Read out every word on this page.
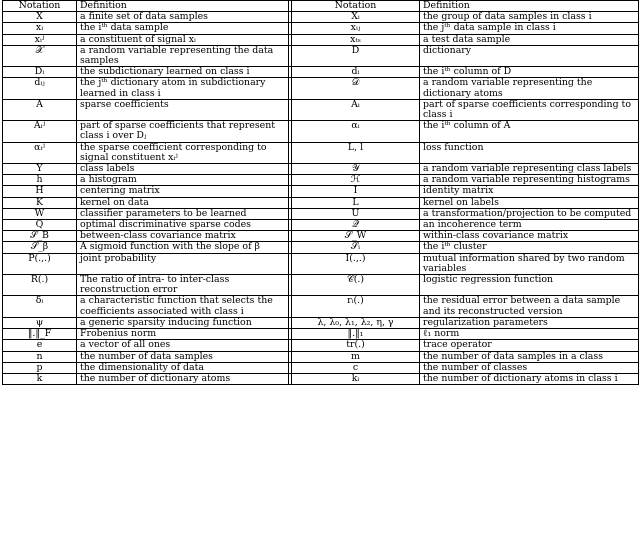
Notation	Definition		Notation	Definition
X	a finite set of data samples		Xᵢ	the group of data samples in class i
xᵢ	the iᵗʰ data sample		xᵢⱼ	the jᵗʰ data sample in class i
xᵢʲ	a constituent of signal xᵢ		xₜₛ	a test data sample
𝒳	a random variable representing the data samples		D	dictionary
Dᵢ	the subdictionary learned on class i		dᵢ	the iᵗʰ column of D
dᵢⱼ	the jᵗʰ dictionary atom in subdictionary learned in class i		𝒟	a random variable representing the dictionary atoms
A	sparse coefficients		Aᵢ	part of sparse coefficients corresponding to class i
Aᵢʲ	part of sparse coefficients that represent class i over Dⱼ		αᵢ	the iᵗʰ column of A
αᵢʲ	the sparse coefficient corresponding to signal constituent xᵢʲ		L, l	loss function
Y	class labels		𝒴	a random variable representing class labels
h	a histogram		ℋ	a random variable representing histograms
H	centering matrix		I	identity matrix
K	kernel on data		L	kernel on labels
W	classifier parameters to be learned		U	a transformation/projection to be computed
Q	optimal discriminative sparse codes		𝒬	an incoherence term
𝒮_B	between-class covariance matrix		𝒮_W	within-class covariance matrix
𝒮_β	A sigmoid function with the slope of β		𝒮ᵢ	the iᵗʰ cluster
P(.,.)	joint probability		I(.,.)	mutual information shared by two random variables
R(.)	The ratio of intra- to inter-class reconstruction error		𝒞(.)	logistic regression function
δᵢ	a characteristic function that selects the coefficients associated with class i		rᵢ(.)	the residual error between a data sample and its reconstructed version
ψ	a generic sparsity inducing function		λ, λ₀, λ₁, λ₂, η, γ	regularization parameters
‖.‖_F	Frobenius norm		‖.‖₁	ℓ₁ norm
e	a vector of all ones		tr(.)	trace operator
n	the number of data samples		m	the number of data samples in a class
p	the dimensionality of data		c	the number of classes
k	the number of dictionary atoms		kᵢ	the number of dictionary atoms in class i
